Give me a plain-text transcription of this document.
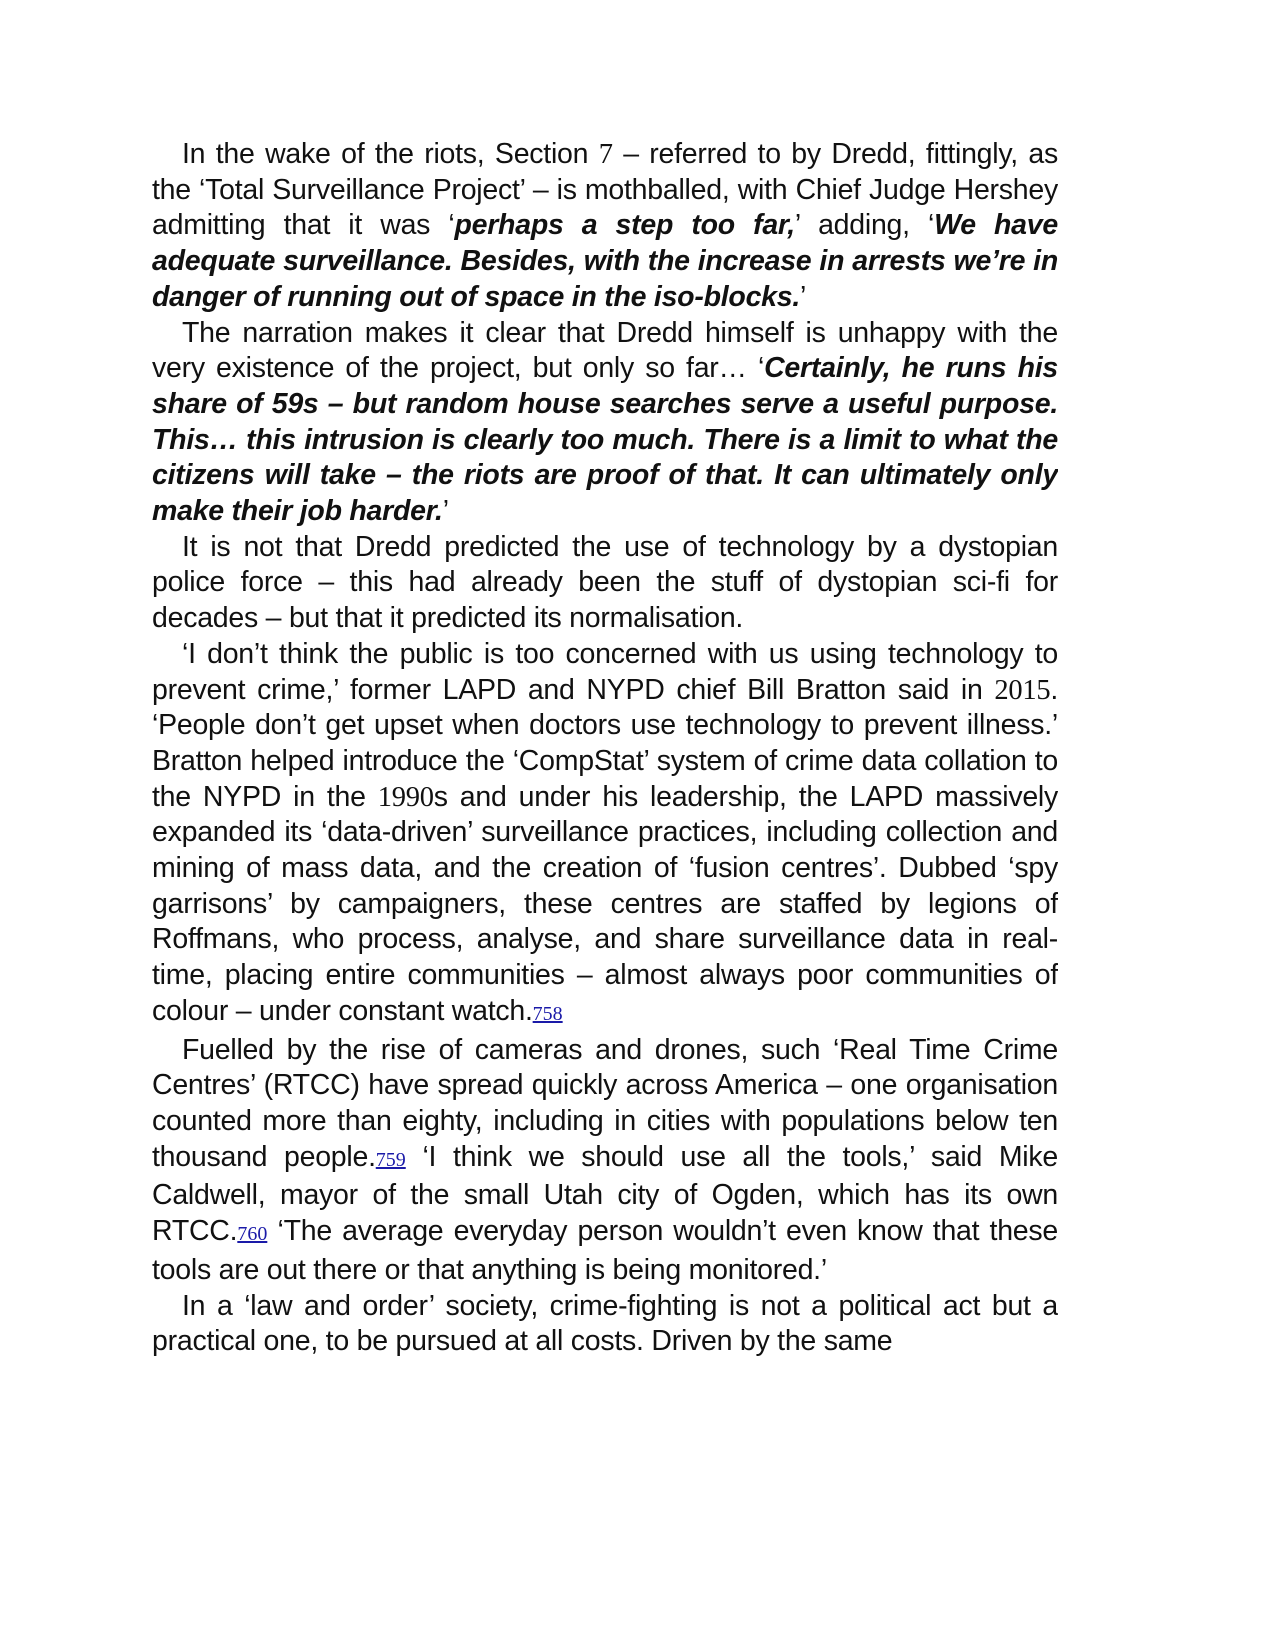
In the wake of the riots, Section 7 – referred to by Dredd, fittingly, as the ‘Total Surveillance Project’ – is mothballed, with Chief Judge Hershey admitting that it was ‘perhaps a step too far,’ adding, ‘We have adequate surveillance. Besides, with the increase in arrests we’re in danger of running out of space in the iso-blocks.’

The narration makes it clear that Dredd himself is unhappy with the very existence of the project, but only so far… ‘Certainly, he runs his share of 59s – but random house searches serve a useful purpose. This… this intrusion is clearly too much. There is a limit to what the citizens will take – the riots are proof of that. It can ultimately only make their job harder.’

It is not that Dredd predicted the use of technology by a dystopian police force – this had already been the stuff of dystopian sci-fi for decades – but that it predicted its normalisation.

‘I don’t think the public is too concerned with us using technology to prevent crime,’ former LAPD and NYPD chief Bill Bratton said in 2015. ‘People don’t get upset when doctors use technology to prevent illness.’ Bratton helped introduce the ‘CompStat’ system of crime data collation to the NYPD in the 1990s and under his leadership, the LAPD massively expanded its ‘data-driven’ surveillance practices, including collection and mining of mass data, and the creation of ‘fusion centres’. Dubbed ‘spy garrisons’ by campaigners, these centres are staffed by legions of Roffmans, who process, analyse, and share surveillance data in real-time, placing entire communities – almost always poor communities of colour – under constant watch.758

Fuelled by the rise of cameras and drones, such ‘Real Time Crime Centres’ (RTCC) have spread quickly across America – one organisation counted more than eighty, including in cities with populations below ten thousand people.759 ‘I think we should use all the tools,’ said Mike Caldwell, mayor of the small Utah city of Ogden, which has its own RTCC.760 ‘The average everyday person wouldn’t even know that these tools are out there or that anything is being monitored.’

In a ‘law and order’ society, crime-fighting is not a political act but a practical one, to be pursued at all costs. Driven by the same
